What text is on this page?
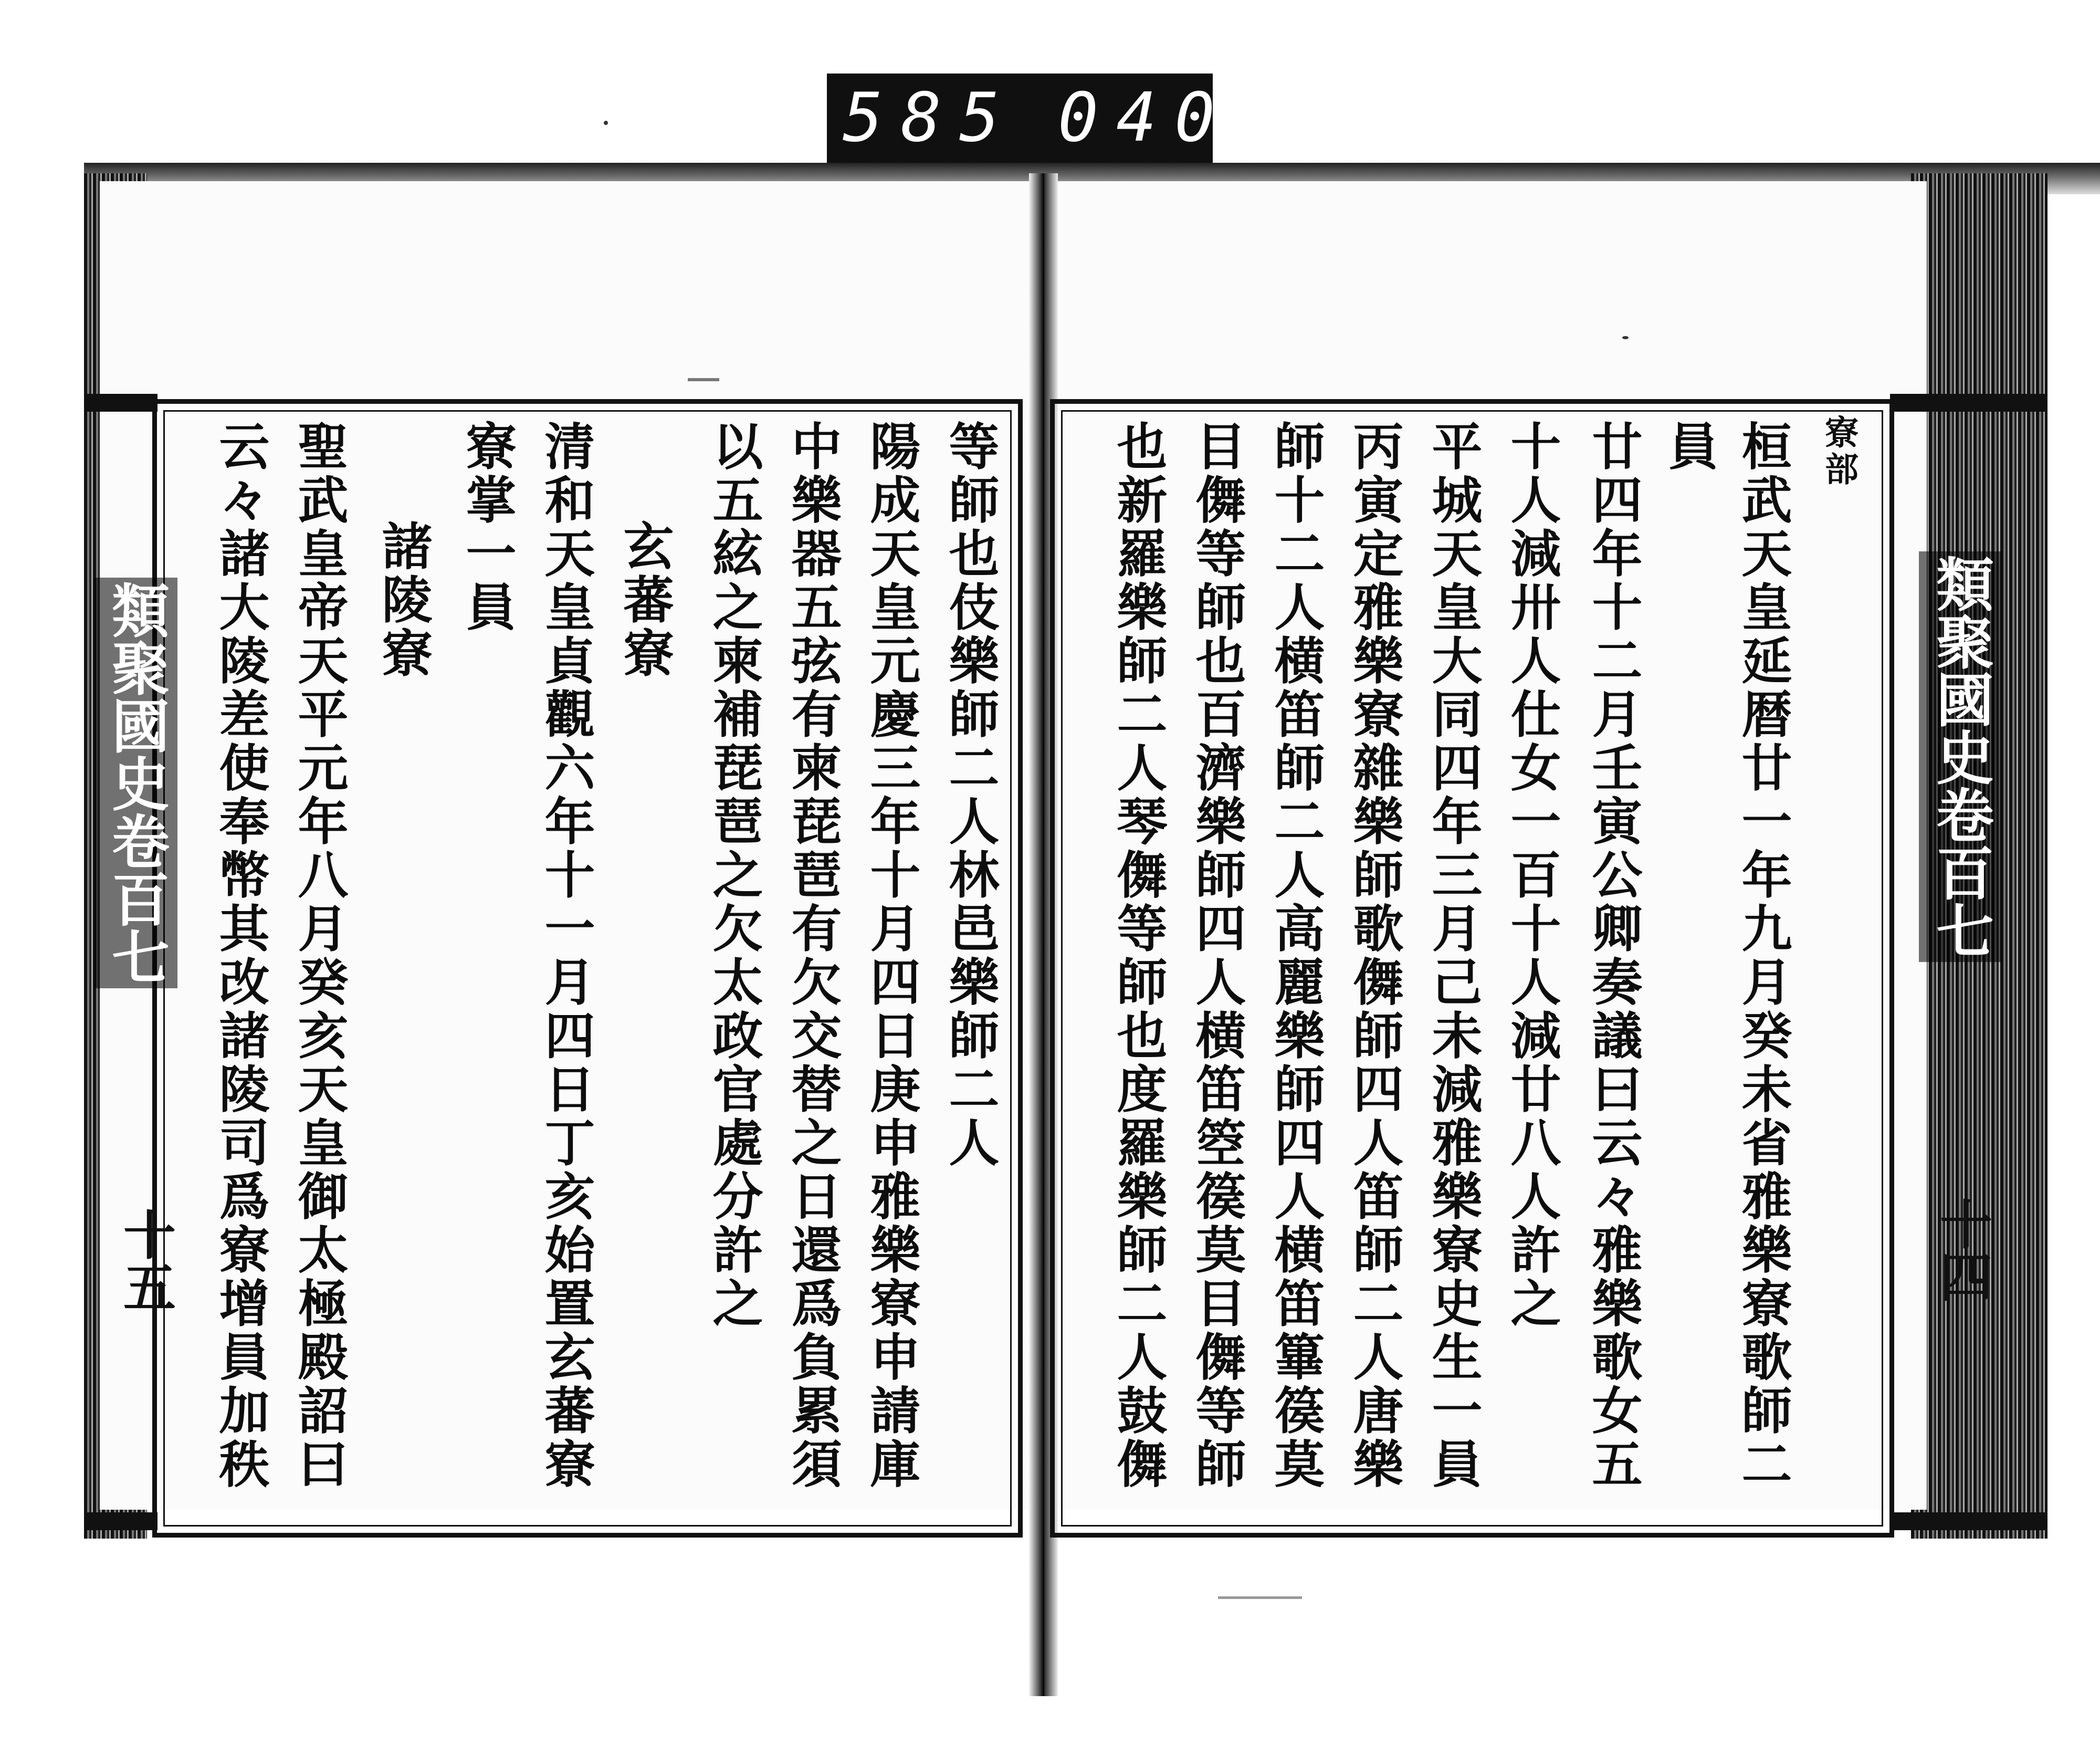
585 040.
類聚國史卷百七
十四
寮部
桓武天皇延暦廿一年九月癸未省雅樂寮歌師二
員
廿四年十二月壬寅公卿奏議曰云々雅樂歌女五
十人減卅人仕女一百十人減廿八人許之
平城天皇大同四年三月己未減雅樂寮史生一員
丙寅定雅樂寮雜樂師歌儛師四人笛師二人唐樂
師十二人横笛師二人高麗樂師四人横笛篳篌莫
目儛等師也百濟樂師四人横笛箜篌莫目儛等師
也新羅樂師二人琴儛等師也度羅樂師二人鼓儛
類聚國史卷百七
十五
等師也伎樂師二人林邑樂師二人
陽成天皇元慶三年十月四日庚申雅樂寮申請庫
中樂器五弦有柬琵琶有欠交替之日還爲負累須
以五絃之柬補琵琶之欠太政官處分許之
玄蕃寮
清和天皇貞觀六年十一月四日丁亥始置玄蕃寮
寮掌一員
諸陵寮
聖武皇帝天平元年八月癸亥天皇御太極殿詔曰
云々諸大陵差使奉幣其改諸陵司爲寮增員加秩
